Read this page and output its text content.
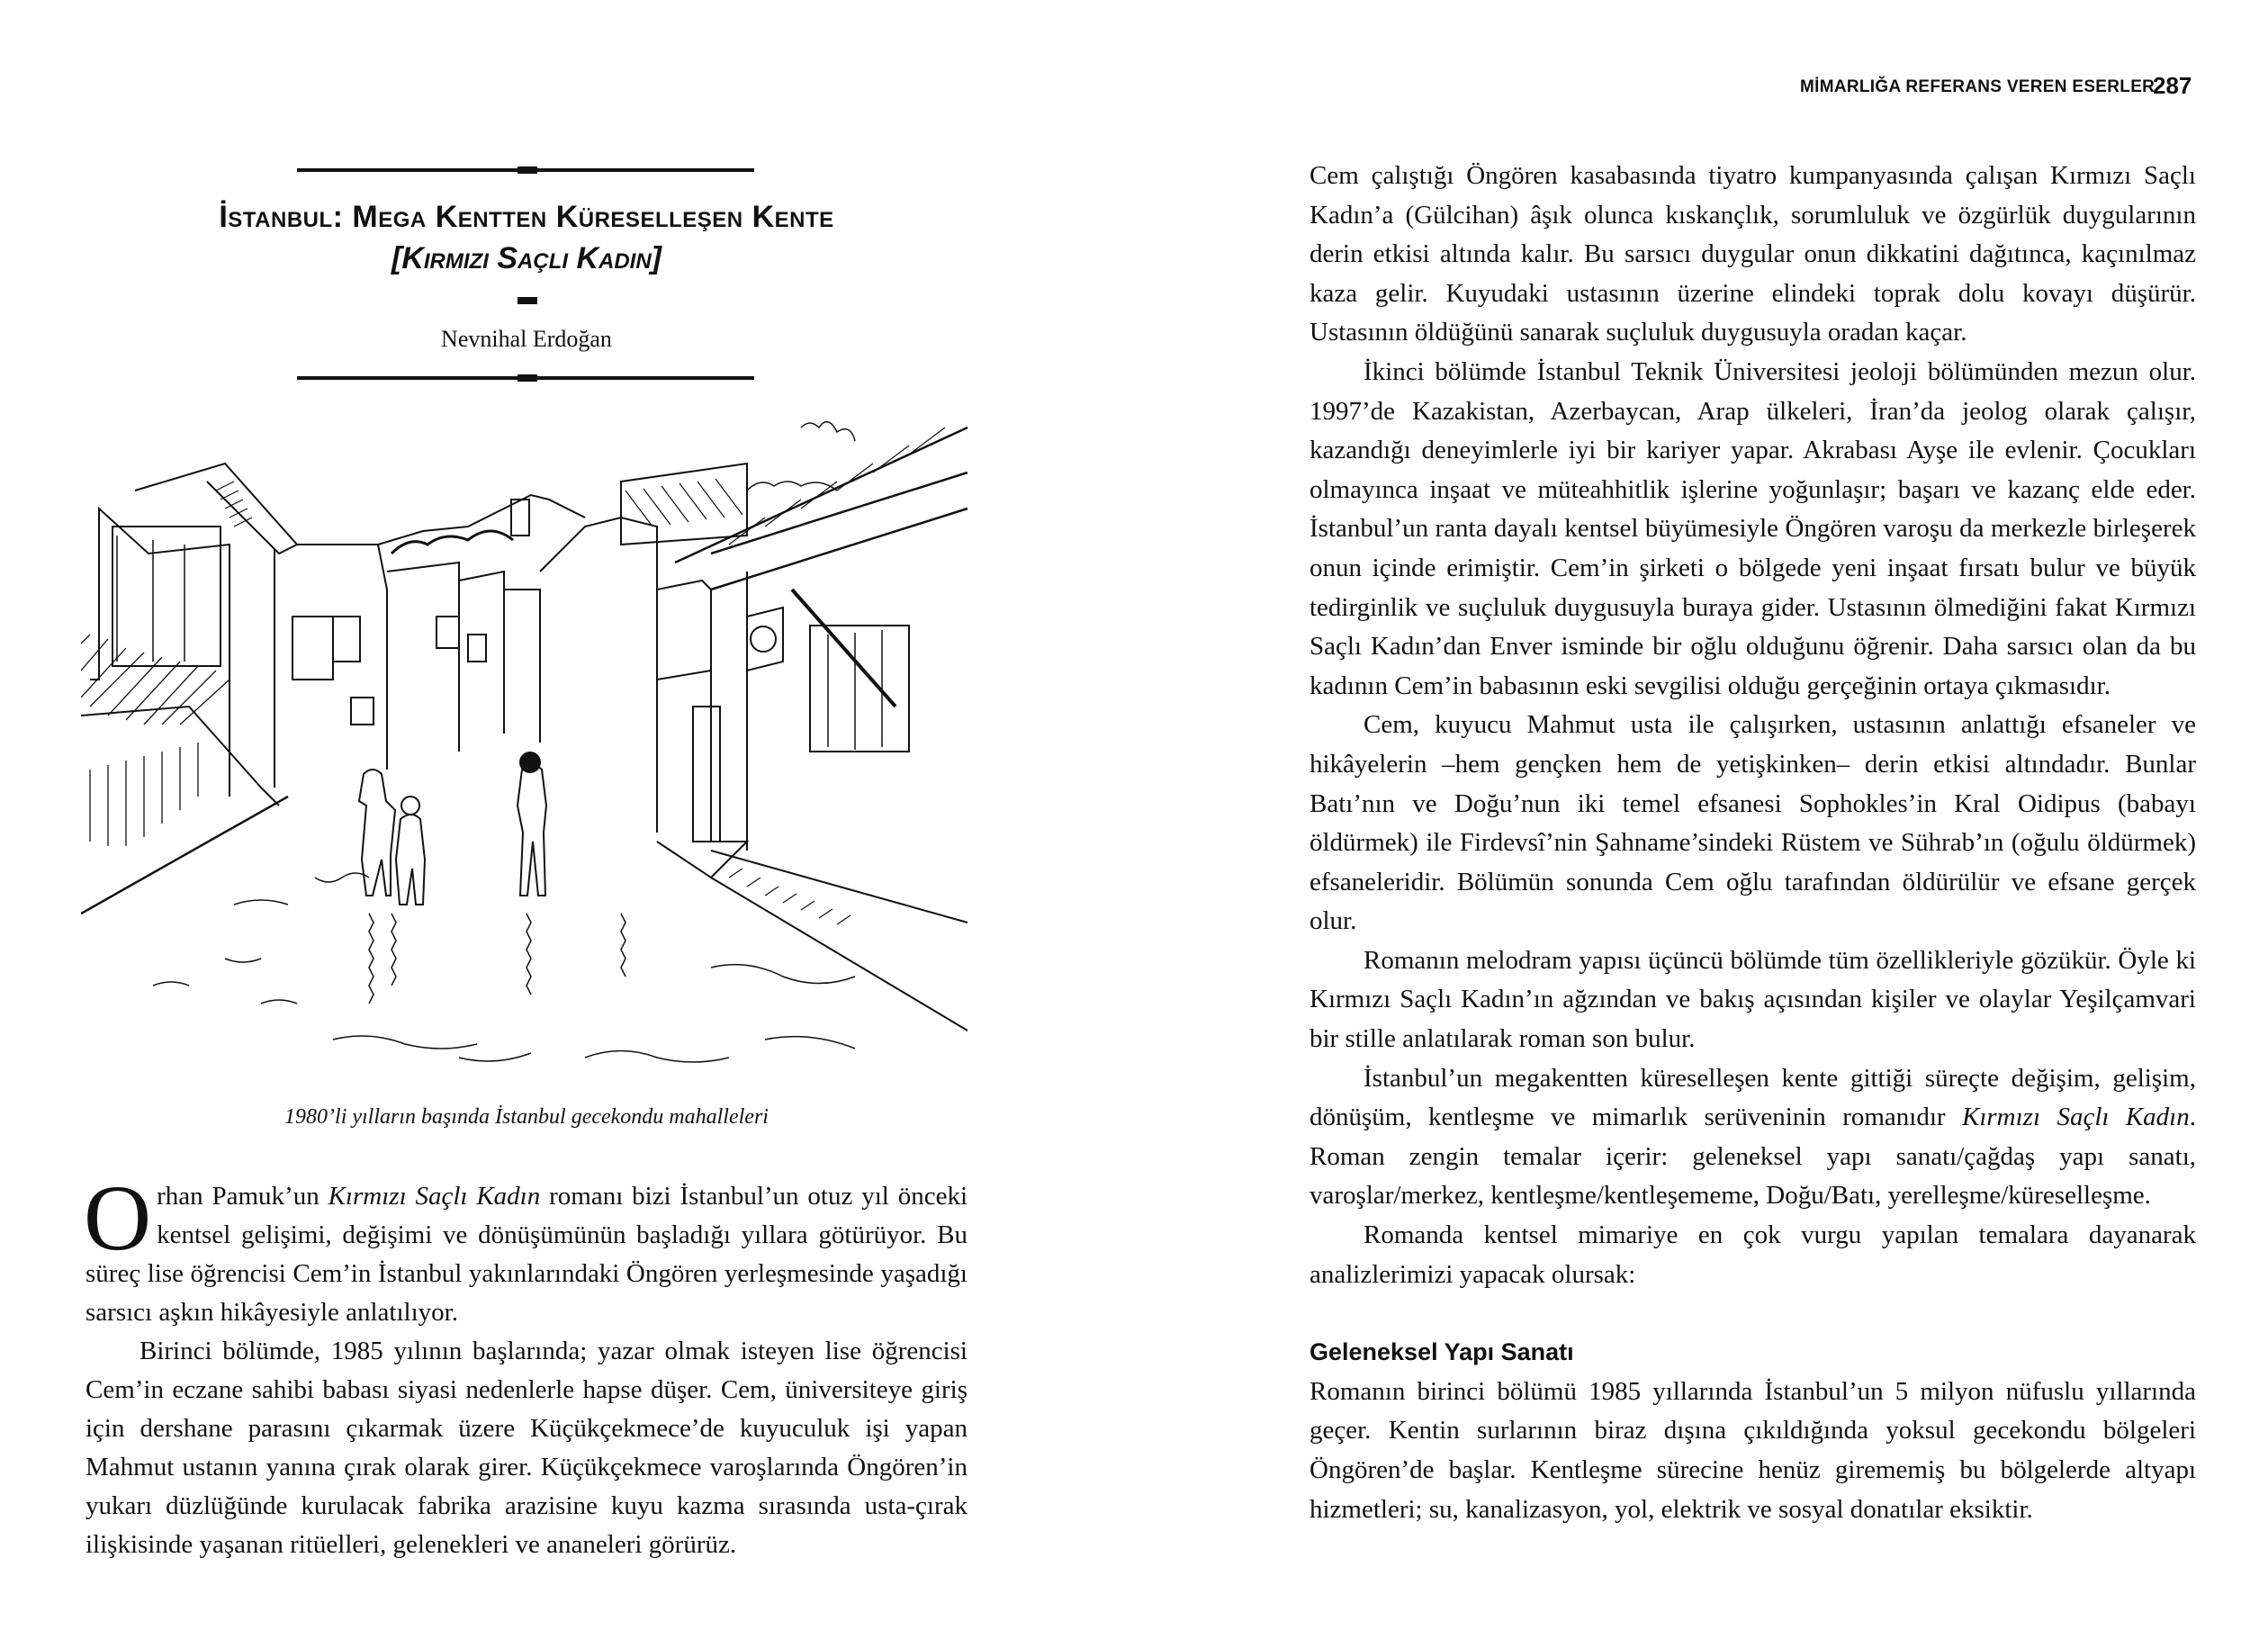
MİMARLIĞA REFERANS VEREN ESERLER
287
İstanbul: Mega Kentten Küreselleşen Kente
[Kırmızı Saçlı Kadın]
Nevnihal Erdoğan
1980’li yılların başında İstanbul gecekondu mahalleleri

Orhan Pamuk’un Kırmızı Saçlı Kadın romanı bizi İstanbul’un otuz yıl önceki kentsel gelişimi, değişimi ve dönüşümünün başladığı yıllara götürüyor. Bu süreç lise öğrencisi Cem’in İstanbul yakınlarındaki Öngören yerleşmesinde yaşadığı sarsıcı aşkın hikâyesiyle anlatılıyor.

Birinci bölümde, 1985 yılının başlarında; yazar olmak isteyen lise öğrencisi Cem’in eczane sahibi babası siyasi nedenlerle hapse düşer. Cem, üniversiteye giriş için dershane parasını çıkarmak üzere Küçükçekmece’de kuyuculuk işi yapan Mahmut ustanın yanına çırak olarak girer. Küçükçekmece varoşlarında Öngören’in yukarı düzlüğünde kurulacak fabrika arazisine kuyu kazma sırasında usta-çırak ilişkisinde yaşanan ritüelleri, gelenekleri ve ananeleri görürüz.

Cem çalıştığı Öngören kasabasında tiyatro kumpanyasında çalışan Kırmızı Saçlı Kadın’a (Gülcihan) âşık olunca kıskançlık, sorumluluk ve özgürlük duygularının derin etkisi altında kalır. Bu sarsıcı duygular onun dikkatini dağıtınca, kaçınılmaz kaza gelir. Kuyudaki ustasının üzerine elindeki toprak dolu kovayı düşürür. Ustasının öldüğünü sanarak suçluluk duygusuyla oradan kaçar.

İkinci bölümde İstanbul Teknik Üniversitesi jeoloji bölümünden mezun olur. 1997’de Kazakistan, Azerbaycan, Arap ülkeleri, İran’da jeolog olarak çalışır, kazandığı deneyimlerle iyi bir kariyer yapar. Akrabası Ayşe ile evlenir. Çocukları olmayınca inşaat ve müteahhitlik işlerine yoğunlaşır; başarı ve kazanç elde eder. İstanbul’un ranta dayalı kentsel büyümesiyle Öngören varoşu da merkezle birleşerek onun içinde erimiştir. Cem’in şirketi o bölgede yeni inşaat fırsatı bulur ve büyük tedirginlik ve suçluluk duygusuyla buraya gider. Ustasının ölmediğini fakat Kırmızı Saçlı Kadın’dan Enver isminde bir oğlu olduğunu öğrenir. Daha sarsıcı olan da bu kadının Cem’in babasının eski sevgilisi olduğu gerçeğinin ortaya çıkmasıdır.

Cem, kuyucu Mahmut usta ile çalışırken, ustasının anlattığı efsaneler ve hikâyelerin –hem gençken hem de yetişkinken– derin etkisi altındadır. Bunlar Batı’nın ve Doğu’nun iki temel efsanesi Sophokles’in Kral Oidipus (babayı öldürmek) ile Firdevsî’nin Şahname’sindeki Rüstem ve Sührab’ın (oğulu öldürmek) efsaneleridir. Bölümün sonunda Cem oğlu tarafından öldürülür ve efsane gerçek olur.

Romanın melodram yapısı üçüncü bölümde tüm özellikleriyle gözükür. Öyle ki Kırmızı Saçlı Kadın’ın ağzından ve bakış açısından kişiler ve olaylar Yeşilçamvari bir stille anlatılarak roman son bulur.

İstanbul’un megakentten küreselleşen kente gittiği süreçte değişim, gelişim, dönüşüm, kentleşme ve mimarlık serüveninin romanıdır Kırmızı Saçlı Kadın. Roman zengin temalar içerir: geleneksel yapı sanatı/çağdaş yapı sanatı, varoşlar/merkez, kentleşme/kentleşememe, Doğu/Batı, yerelleşme/küreselleşme.

Romanda kentsel mimariye en çok vurgu yapılan temalara dayanarak analizlerimizi yapacak olursak:

Geleneksel Yapı Sanatı

Romanın birinci bölümü 1985 yıllarında İstanbul’un 5 milyon nüfuslu yıllarında geçer. Kentin surlarının biraz dışına çıkıldığında yoksul gecekondu bölgeleri Öngören’de başlar. Kentleşme sürecine henüz girememiş bu bölgelerde altyapı hizmetleri; su, kanalizasyon, yol, elektrik ve sosyal donatılar eksiktir.
